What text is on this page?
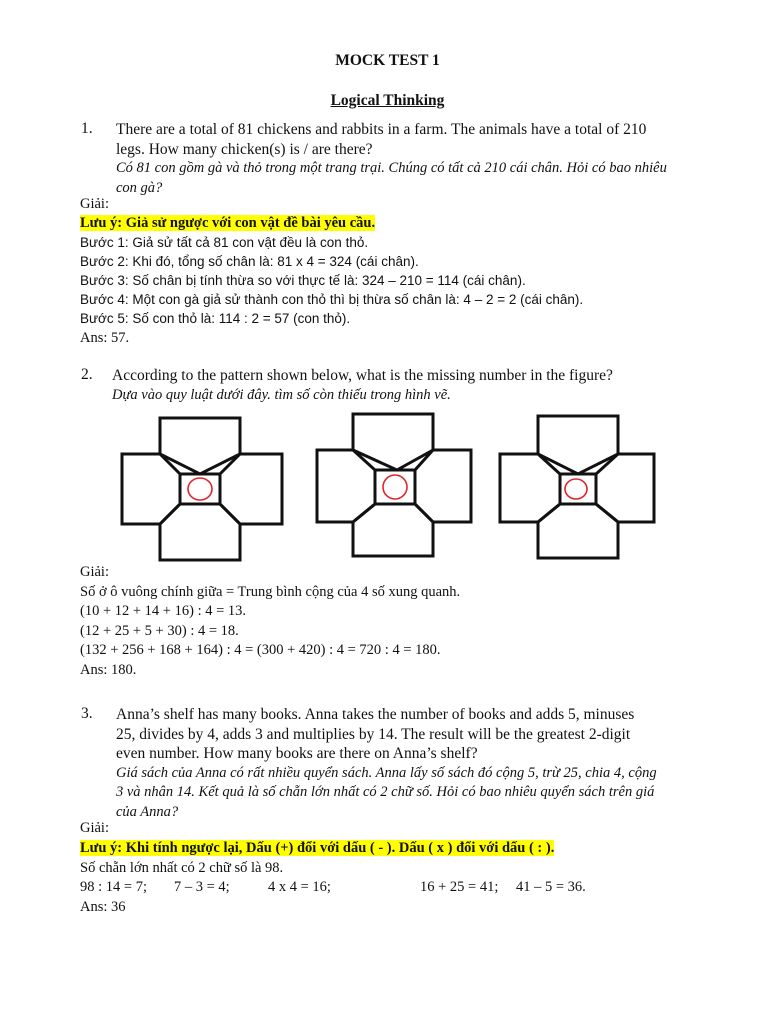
MOCK TEST 1
Logical Thinking
1. There are a total of 81 chickens and rabbits in a farm. The animals have a total of 210
legs. How many chicken(s) is / are there?
Có 81 con gồm gà và thỏ trong một trang trại. Chúng có tất cả 210 cái chân. Hỏi có bao nhiêu
con gà?
Giải:
Lưu ý: Giả sử ngược với con vật đề bài yêu cầu.
Bước 1: Giả sử tất cả 81 con vật đều là con thỏ.
Bước 2: Khi đó, tổng số chân là: 81 x 4 = 324 (cái chân).
Bước 3: Số chân bị tính thừa so với thực tế là: 324 – 210 = 114 (cái chân).
Bước 4: Một con gà giả sử thành con thỏ thì bị thừa số chân là: 4 – 2 = 2 (cái chân).
Bước 5: Số con thỏ là: 114 : 2 = 57 (con thỏ).
Ans: 57.
2. According to the pattern shown below, what is the missing number in the figure?
Dựa vào quy luật dưới đây. tìm số còn thiếu trong hình vẽ.
Giải:
Số ở ô vuông chính giữa = Trung bình cộng của 4 số xung quanh.
(10 + 12 + 14 + 16) : 4 = 13.
(12 + 25 + 5 + 30) : 4 = 18.
(132 + 256 + 168 + 164) : 4 = (300 + 420) : 4 = 720 : 4 = 180.
Ans: 180.
3. Anna’s shelf has many books. Anna takes the number of books and adds 5, minuses
25, divides by 4, adds 3 and multiplies by 14. The result will be the greatest 2-digit
even number. How many books are there on Anna’s shelf?
Giá sách của Anna có rất nhiều quyển sách. Anna lấy số sách đó cộng 5, trừ 25, chia 4, cộng
3 và nhân 14. Kết quả là số chẵn lớn nhất có 2 chữ số. Hỏi có bao nhiêu quyển sách trên giá
của Anna?
Giải:
Lưu ý: Khi tính ngược lại, Dấu (+) đổi với dấu ( - ). Dấu ( x ) đổi với dấu ( : ).
Số chẵn lớn nhất có 2 chữ số là 98.
98 : 14 = 7; 7 – 3 = 4;	4 x 4 = 16;	16 + 25 = 41; 41 – 5 = 36.
Ans: 36
